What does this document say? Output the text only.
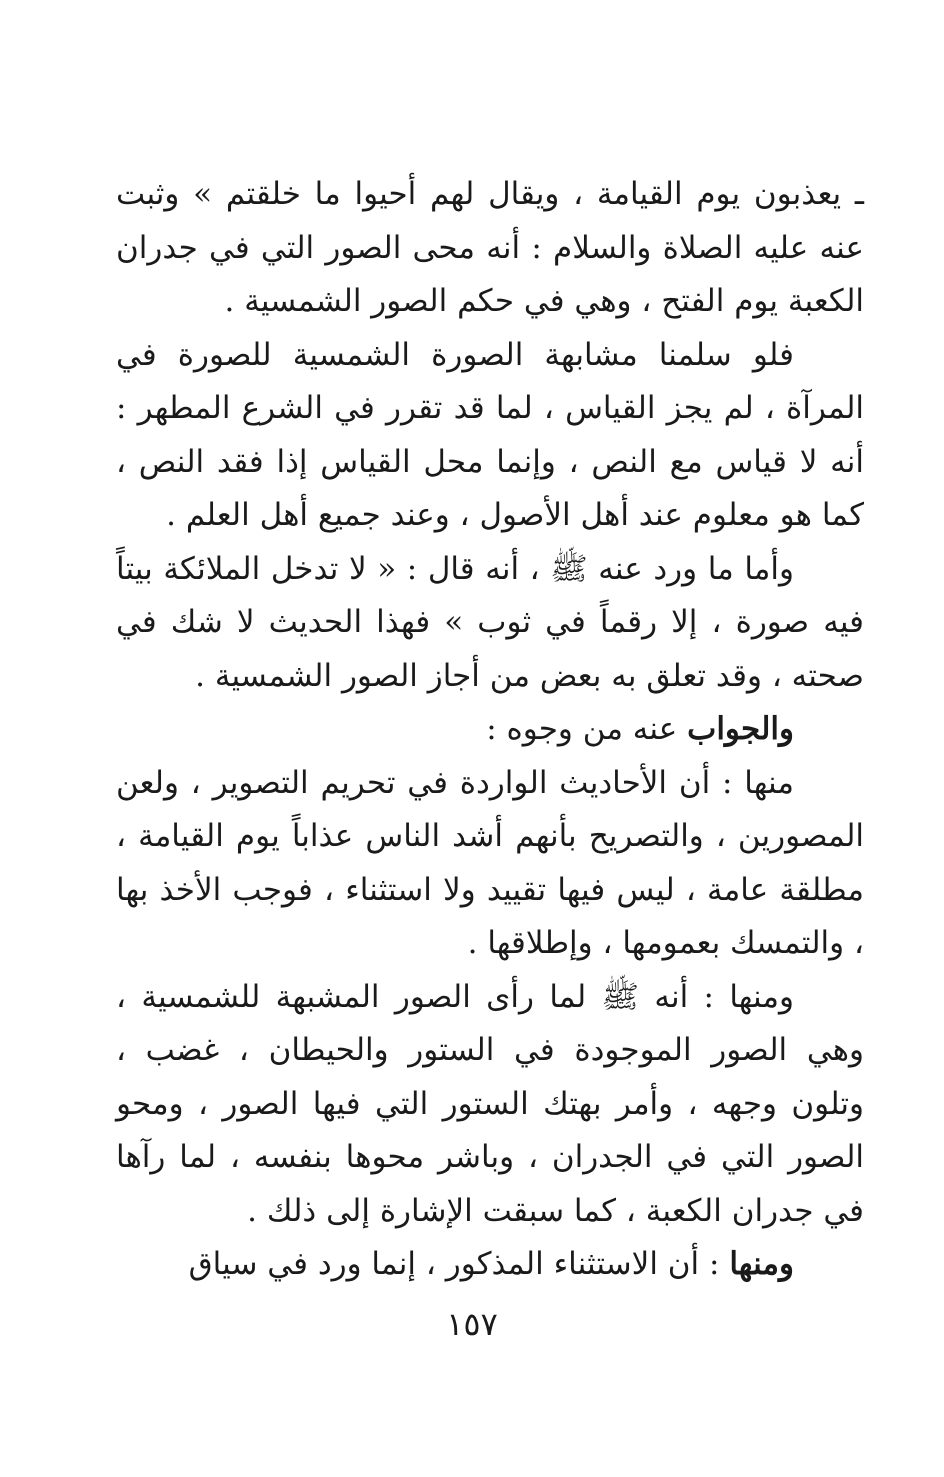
ـ يعذبون يوم القيامة ، ويقال لهم أحيوا ما خلقتم » وثبت عنه عليه الصلاة والسلام : أنه محى الصور التي في جدران الكعبة يوم الفتح ، وهي في حكم الصور الشمسية .

فلو سلمنا مشابهة الصورة الشمسية للصورة في المرآة ، لم يجز القياس ، لما قد تقرر في الشرع المطهر : أنه لا قياس مع النص ، وإنما محل القياس إذا فقد النص ، كما هو معلوم عند أهل الأصول ، وعند جميع أهل العلم .

وأما ما ورد عنه ﷺ ، أنه قال : « لا تدخل الملائكة بيتاً فيه صورة ، إلا رقماً في ثوب » فهذا الحديث لا شك في صحته ، وقد تعلق به بعض من أجاز الصور الشمسية .

والجواب عنه من وجوه :

منها : أن الأحاديث الواردة في تحريم التصوير ، ولعن المصورين ، والتصريح بأنهم أشد الناس عذاباً يوم القيامة ، مطلقة عامة ، ليس فيها تقييد ولا استثناء ، فوجب الأخذ بها ، والتمسك بعمومها ، وإطلاقها .

ومنها : أنه ﷺ لما رأى الصور المشبهة للشمسية ، وهي الصور الموجودة في الستور والحيطان ، غضب ، وتلون وجهه ، وأمر بهتك الستور التي فيها الصور ، ومحو الصور التي في الجدران ، وباشر محوها بنفسه ، لما رآها في جدران الكعبة ، كما سبقت الإشارة إلى ذلك .

ومنها : أن الاستثناء المذكور ، إنما ورد في سياق

١٥٧
